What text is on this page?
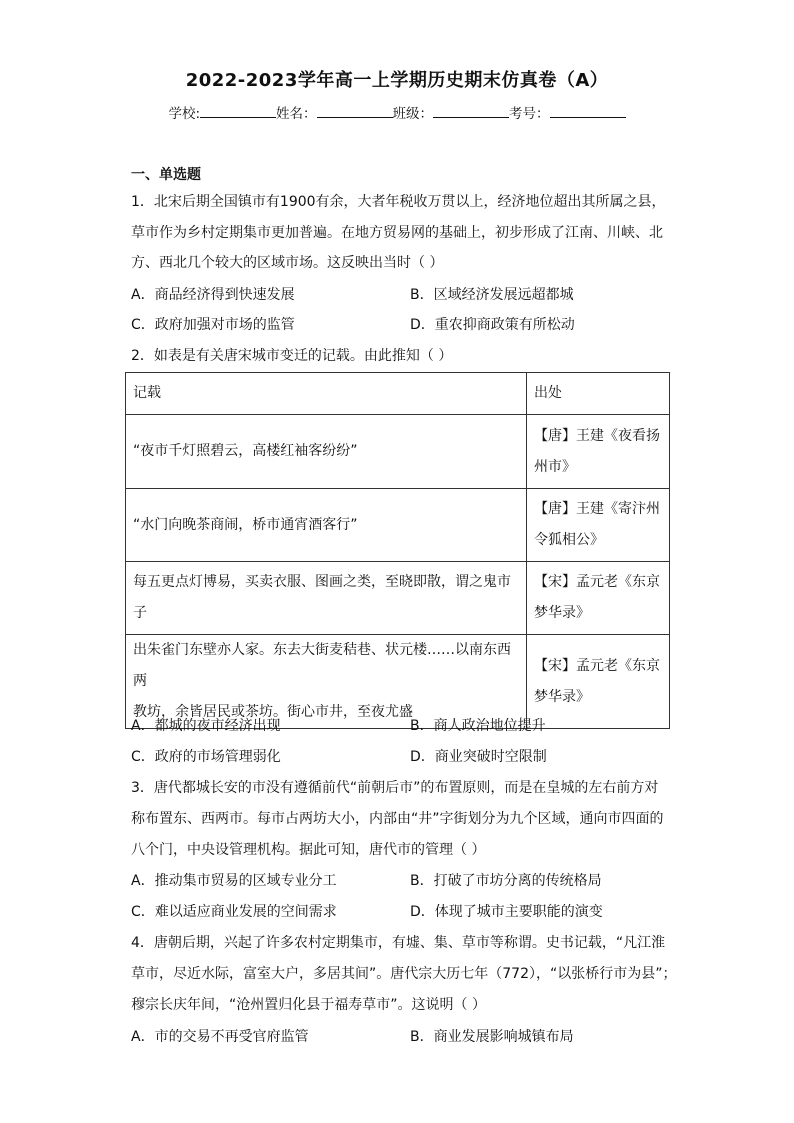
2022-2023学年高一上学期历史期末仿真卷（A）
学校:	姓名：	班级：	考号：
一、单选题
1．北宋后期全国镇市有1900有余，大者年税收万贯以上，经济地位超出其所属之县，
草市作为乡村定期集市更加普遍。在地方贸易网的基础上，初步形成了江南、川峡、北
方、西北几个较大的区域市场。这反映出当时（ ）
A．商品经济得到快速发展	B．区域经济发展远超都城
C．政府加强对市场的监管	D．重农抑商政策有所松动
2．如表是有关唐宋城市变迁的记载。由此推知（ ）
记载	出处
“夜市千灯照碧云，高楼红袖客纷纷”	【唐】王建《夜看扬
州市》
“水门向晚茶商闹，桥市通宵酒客行”	【唐】王建《寄汴州
令狐相公》
每五更点灯博易，买卖衣服、图画之类，至晓即散，谓之鬼市子	【宋】孟元老《东京
梦华录》
出朱雀门东壁亦人家。东去大街麦秸巷、状元楼……以南东西两
教坊，余皆居民或茶坊。街心市井，至夜尤盛	【宋】孟元老《东京
梦华录》
A．都城的夜市经济出现	B．商人政治地位提升
C．政府的市场管理弱化	D．商业突破时空限制
3．唐代都城长安的市没有遵循前代“前朝后市”的布置原则，而是在皇城的左右前方对
称布置东、西两市。每市占两坊大小，内部由“井”字街划分为九个区域，通向市四面的
八个门，中央设管理机构。据此可知，唐代市的管理（ ）
A．推动集市贸易的区域专业分工	B．打破了市坊分离的传统格局
C．难以适应商业发展的空间需求	D．体现了城市主要职能的演变
4．唐朝后期，兴起了许多农村定期集市，有墟、集、草市等称谓。史书记载，“凡江淮
草市，尽近水际，富室大户，多居其间”。唐代宗大历七年（772），“以张桥行市为县”；
穆宗长庆年间，“沧州置归化县于福寿草市”。这说明（ ）
A．市的交易不再受官府监管	B．商业发展影响城镇布局
